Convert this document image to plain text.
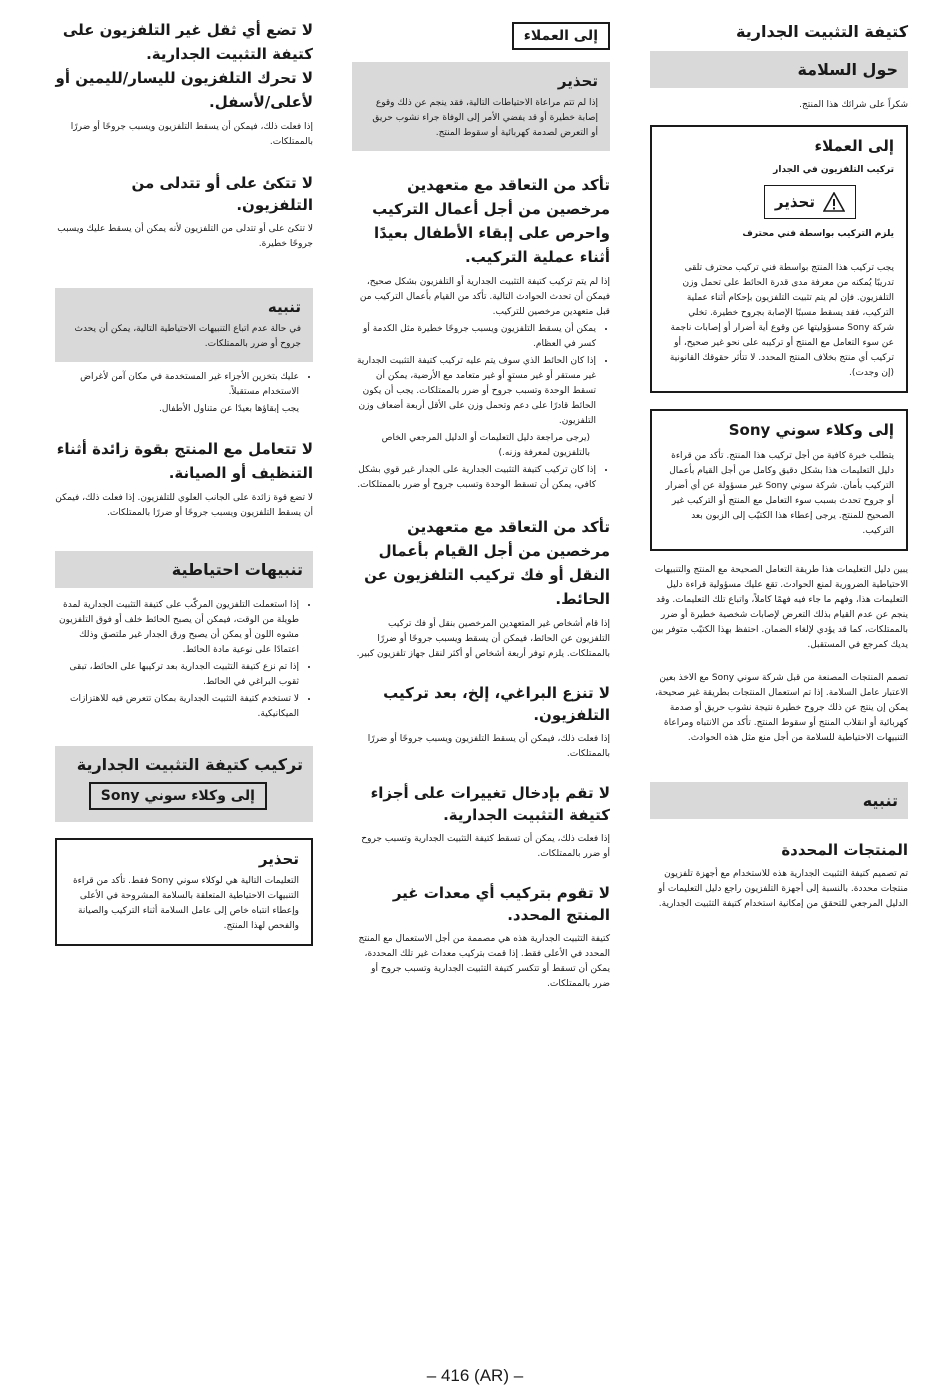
كتيفة التثبيت الجدارية
حول السلامة

شكراً على شرائك هذا المنتج.

إلى العملاء
تركيب التلفزيون في الجدار
تحذير
يلزم التركيب بواسطة فني محترف

يجب تركيب هذا المنتج بواسطة فني تركيب محترف تلقى تدريبًا يُمكنه من معرفة مدى قدرة الحائط على تحمل وزن التلفزيون. فإن لم يتم تثبيت التلفزيون بإحكام أثناء عملية التركيب، فقد يسقط مسببًا الإصابة بجروح خطيرة. تخلي شركة Sony مسؤوليتها عن وقوع أية أضرار أو إصابات ناجمة عن سوء التعامل مع المنتج أو تركيبه على نحو غير صحيح، أو تركيب أي منتج بخلاف المنتج المحدد. لا تتأثر حقوقك القانونية (إن وجدت).

إلى وكلاء سوني Sony

يتطلب خبرة كافية من أجل تركيب هذا المنتج. تأكد من قراءة دليل التعليمات هذا بشكل دقيق وكامل من أجل القيام بأعمال التركيب بأمان. شركة سوني Sony غير مسؤولة عن أي أضرار أو جروح تحدث بسبب سوء التعامل مع المنتج أو التركيب غير الصحيح للمنتج. يرجى إعطاء هذا الكتيّب إلى الزبون بعد التركيب.

يبين دليل التعليمات هذا طريقة التعامل الصحيحة مع المنتج والتنبيهات الاحتياطية الضرورية لمنع الحوادث. تقع عليك مسؤولية قراءة دليل التعليمات هذا، وفهم ما جاء فيه فهمًا كاملاً، واتباع تلك التعليمات. وقد ينجم عن عدم القيام بذلك التعرض لإصابات شخصية خطيرة أو ضرر بالممتلكات، كما قد يؤدي لإلغاء الضمان. احتفظ بهذا الكتيّب متوفر بين يديك كمرجع في المستقبل.

تصمم المنتجات المصنعة من قبل شركة سوني Sony مع الاخذ بعين الاعتبار عامل السلامة. إذا تم استعمال المنتجات بطريقة غير صحيحة، يمكن إن ينتج عن ذلك جروح خطيرة نتيجة نشوب حريق أو صدمة كهربائية أو انقلاب المنتج أو سقوط المنتج. تأكد من الانتباه ومراعاة التنبيهات الاحتياطية للسلامة من أجل منع مثل هذه الحوادث.

تنبيه
المنتجات المحددة

تم تصميم كتيفة التثبيت الجدارية هذه للاستخدام مع أجهزة تلفزيون منتجات محددة. بالنسبة إلى أجهزة التلفزيون راجع دليل التعليمات أو الدليل المرجعي للتحقق من إمكانية استخدام كتيفة التثبيت الجدارية.

إلى العملاء
تحذير

إذا لم تتم مراعاة الاحتياطات التالية، فقد ينجم عن ذلك وقوع إصابة خطيرة أو قد يفضي الأمر إلى الوفاة جراء نشوب حريق أو التعرض لصدمة كهربائية أو سقوط المنتج.

تأكد من التعاقد مع متعهدين مرخصين من أجل أعمال التركيب واحرص على إبقاء الأطفال بعيدًا أثناء عملية التركيب.

إذا لم يتم تركيب كتيفة التثبيت الجدارية أو التلفزيون بشكل صحيح، فيمكن أن تحدث الحوادث التالية. تأكد من القيام بأعمال التركيب من قبل متعهدين مرخصين للتركيب.

• يمكن أن يسقط التلفزيون ويسبب جروحًا خطيرة مثل الكدمة أو كسر في العظام.
• إذا كان الحائط الذي سوف يتم عليه تركيب كتيفة التثبيت الجدارية غير مستقر أو غير مستوٍ أو غير متعامد مع الأرضية، يمكن أن تسقط الوحدة وتسبب جروح أو ضرر بالممتلكات. يجب أن يكون الحائط قادرًا على دعم وتحمل وزن على الأقل أربعة أضعاف وزن التلفزيون.

(يرجى مراجعة دليل التعليمات أو الدليل المرجعي الخاص بالتلفزيون لمعرفة وزنه.)

• إذا كان تركيب كتيفة التثبيت الجدارية على الجدار غير قوي بشكل كافي، يمكن أن تسقط الوحدة وتسبب جروح أو ضرر بالممتلكات.
تأكد من التعاقد مع متعهدين مرخصين من أجل القيام بأعمال النقل أو فك تركيب التلفزيون عن الحائط.

إذا قام أشخاص غير المتعهدين المرخصين بنقل أو فك تركيب التلفزيون عن الحائط، فيمكن أن يسقط ويسبب جروحًا أو ضررًا بالممتلكات. يلزم توفر أربعة أشخاص أو أكثر لنقل جهاز تلفزيون كبير.

لا تنزع البراغي، إلخ، بعد تركيب التلفزيون.

إذا فعلت ذلك، فيمكن أن يسقط التلفزيون ويسبب جروحًا أو ضررًا بالممتلكات.

لا تقم بإدخال تغييرات على أجزاء كتيفة التثبيت الجدارية.

إذا فعلت ذلك، يمكن أن تسقط كتيفة التثبيت الجدارية وتسبب جروح أو ضرر بالممتلكات.

لا تقوم بتركيب أي معدات غير المنتج المحدد.

كتيفة التثبيت الجدارية هذه هي مصممة من أجل الاستعمال مع المنتج المحدد في الأعلى فقط. إذا قمت بتركيب معدات غير تلك المحددة، يمكن أن تسقط أو تتكسر كتيفة التثبيت الجدارية وتسبب جروح أو ضرر بالممتلكات.

لا تضع أي ثقل غير التلفزيون على كتيفة التثبيت الجدارية.
لا تحرك التلفزيون لليسار/لليمين أو لأعلى/لأسفل.

إذا فعلت ذلك، فيمكن أن يسقط التلفزيون ويسبب جروحًا أو ضررًا بالممتلكات.

لا تتكئ على أو تتدلى من التلفزيون.

لا تتكئ على أو تتدلى من التلفزيون لأنه يمكن أن يسقط عليك ويسبب جروحًا خطيرة.

تنبيه

في حالة عدم اتباع التنبيهات الاحتياطية التالية، يمكن أن يحدث جروح أو ضرر بالممتلكات.

• عليك بتخزين الأجزاء غير المستخدمة في مكان آمن لأغراض الاستخدام مستقبلاً.

يجب إبقاؤها بعيدًا عن متناول الأطفال.

لا تتعامل مع المنتج بقوة زائدة أثناء التنظيف أو الصيانة.

لا تضع قوة زائدة على الجانب العلوي للتلفزيون. إذا فعلت ذلك، فيمكن أن يسقط التلفزيون ويسبب جروحًا أو ضررًا بالممتلكات.

تنبيهات احتياطية
• إذا استعملت التلفزيون المركّب على كتيفة التثبيت الجدارية لمدة طويلة من الوقت، فيمكن أن يصبح الحائط خلف أو فوق التلفزيون مشوه اللون أو يمكن أن يصبح ورق الجدار غير ملتصق وذلك اعتمادًا على نوعية مادة الحائط.
• إذا تم نزع كتيفة التثبيت الجدارية بعد تركيبها على الحائط، تبقى ثقوب البراغي في الحائط.
• لا تستخدم كتيفة التثبيت الجدارية بمكان تتعرض فيه للاهتزازات الميكانيكية.
تركيب كتيفة التثبيت الجدارية
إلى وكلاء سوني Sony
تحذير

التعليمات التالية هي لوكلاء سوني Sony فقط. تأكد من قراءة التنبيهات الاحتياطية المتعلقة بالسلامة المشروحة في الأعلى وإعطاء انتباه خاص إلى عامل السلامة أثناء التركيب والصيانة والفحص لهذا المنتج.

– 416 (AR) –
